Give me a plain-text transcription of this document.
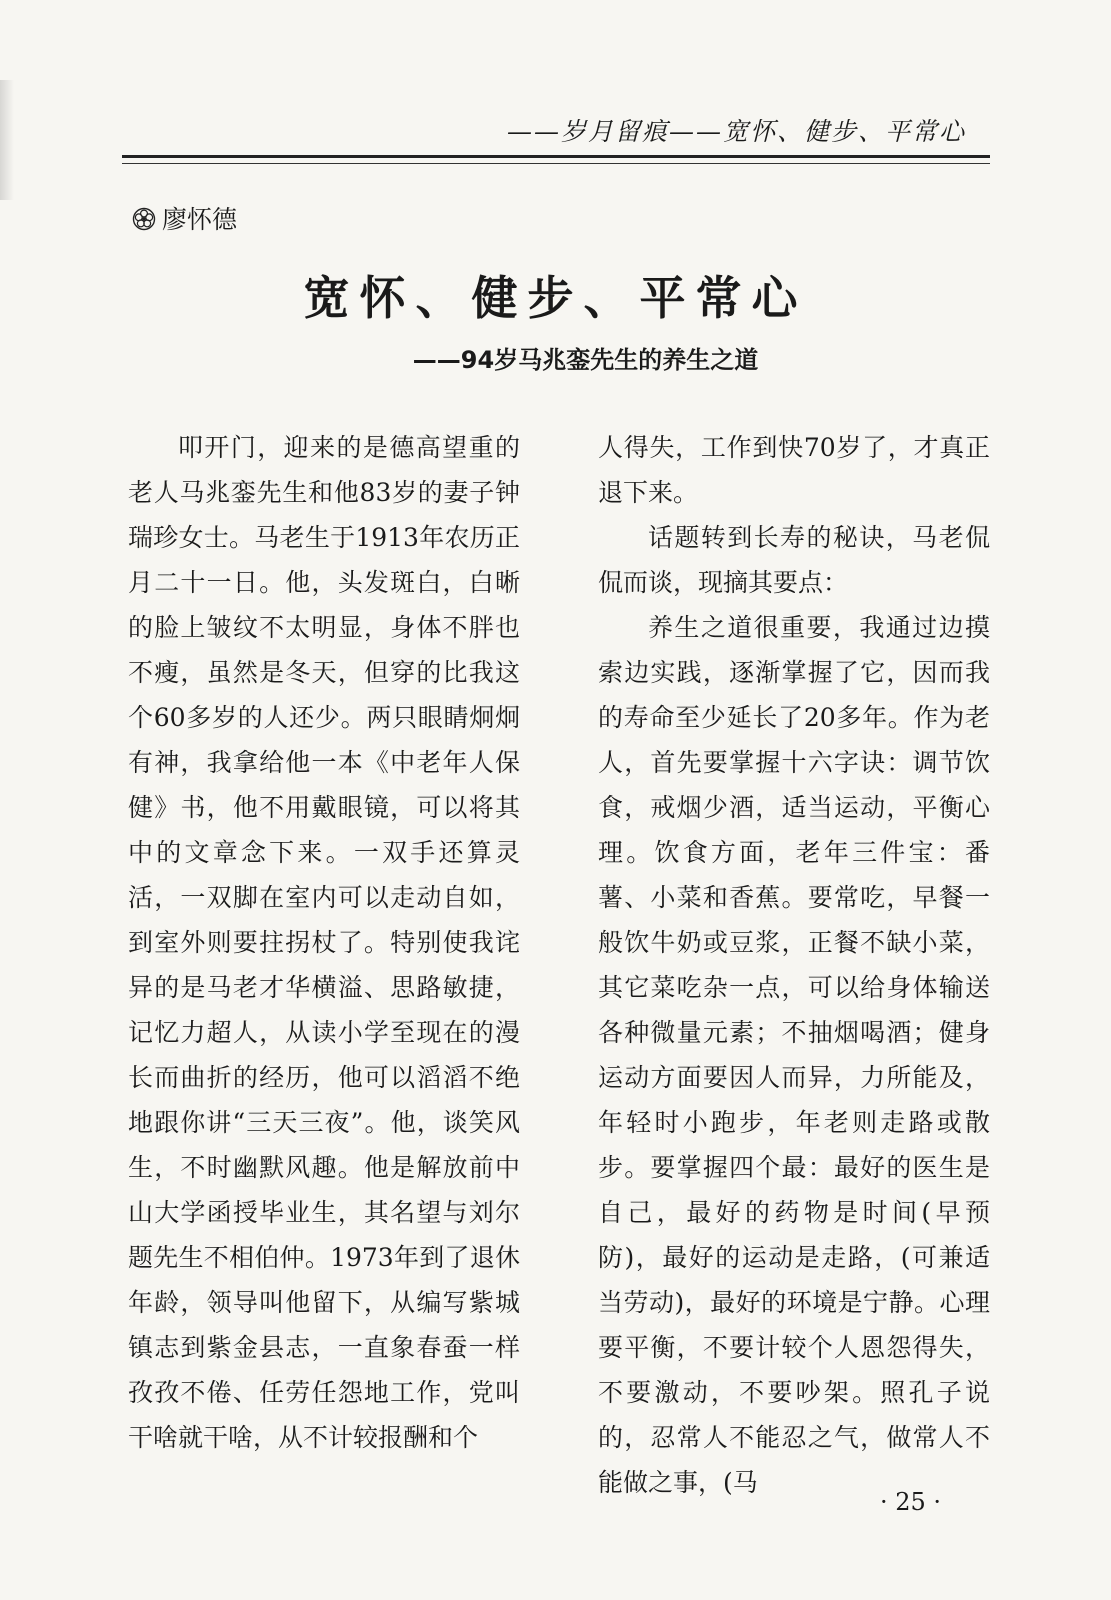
——岁月留痕——宽怀、健步、平常心
廖怀德
宽怀、健步、平常心
——94岁马兆銮先生的养生之道

叩开门，迎来的是德高望重的老人马兆銮先生和他83岁的妻子钟瑞珍女士。马老生于1913年农历正月二十一日。他，头发斑白，白晰的脸上皱纹不太明显，身体不胖也不瘦，虽然是冬天，但穿的比我这个60多岁的人还少。两只眼睛炯炯有神，我拿给他一本《中老年人保健》书，他不用戴眼镜，可以将其中的文章念下来。一双手还算灵活，一双脚在室内可以走动自如，到室外则要拄拐杖了。特别使我诧异的是马老才华横溢、思路敏捷，记忆力超人，从读小学至现在的漫长而曲折的经历，他可以滔滔不绝地跟你讲“三天三夜”。他，谈笑风生，不时幽默风趣。他是解放前中山大学函授毕业生，其名望与刘尔题先生不相伯仲。1973年到了退休年龄，领导叫他留下，从编写紫城镇志到紫金县志，一直象春蚕一样孜孜不倦、任劳任怨地工作，党叫干啥就干啥，从不计较报酬和个

人得失，工作到快70岁了，才真正退下来。

话题转到长寿的秘诀，马老侃侃而谈，现摘其要点：

养生之道很重要，我通过边摸索边实践，逐渐掌握了它，因而我的寿命至少延长了20多年。作为老人，首先要掌握十六字诀：调节饮食，戒烟少酒，适当运动，平衡心理。饮食方面，老年三件宝：番薯、小菜和香蕉。要常吃，早餐一般饮牛奶或豆浆，正餐不缺小菜，其它菜吃杂一点，可以给身体输送各种微量元素；不抽烟喝酒；健身运动方面要因人而异，力所能及，年轻时小跑步，年老则走路或散步。要掌握四个最：最好的医生是自己，最好的药物是时间(早预防)，最好的运动是走路，(可兼适当劳动)，最好的环境是宁静。心理要平衡，不要计较个人恩怨得失，不要激动，不要吵架。照孔子说的，忍常人不能忍之气，做常人不能做之事，(马

· 25 ·
